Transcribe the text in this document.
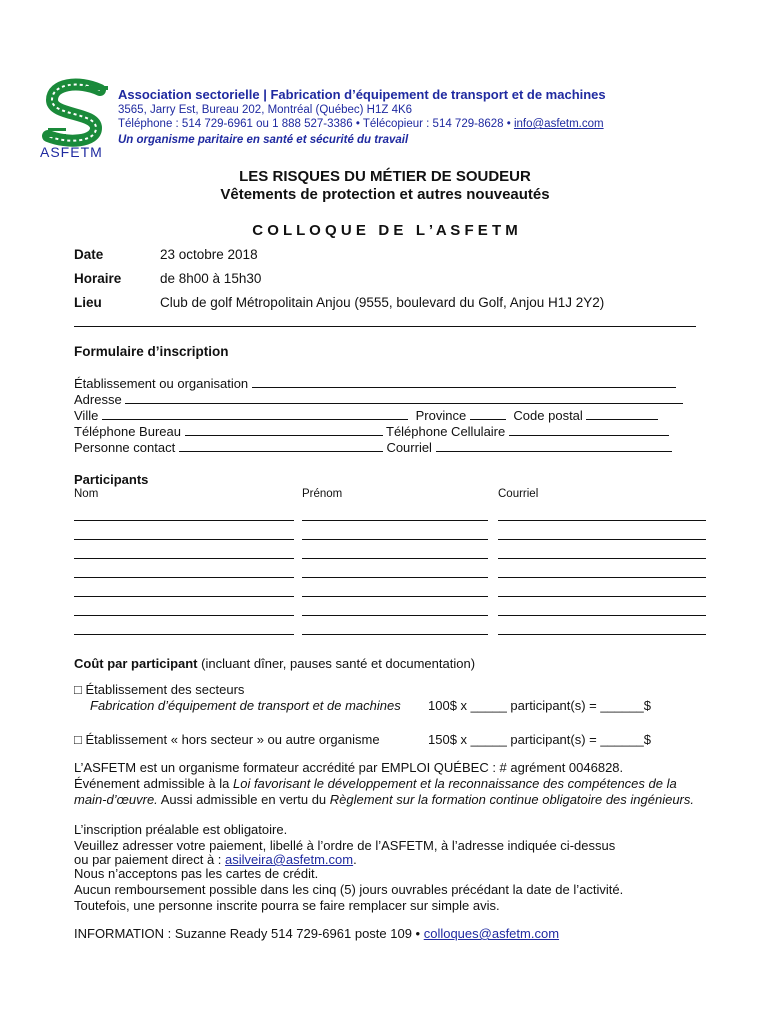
ASFETM
Association sectorielle | Fabrication d’équipement de transport et de machines
3565, Jarry Est, Bureau 202, Montréal (Québec) H1Z 4K6
Téléphone : 514 729-6961 ou 1 888 527-3386 • Télécopieur : 514 729-8628 • info@asfetm.com
Un organisme paritaire en santé et sécurité du travail
LES RISQUES DU MÉTIER DE SOUDEUR
Vêtements de protection et autres nouveautés
C O L L O Q U E   D E   L ’ A S F E T M
Date	23 octobre 2018
Horaire	de 8h00 à 15h30
Lieu	Club de golf Métropolitain Anjou (9555, boulevard du Golf, Anjou H1J 2Y2)
Formulaire d’inscription
Établissement ou organisation
Adresse
Ville	Province	Code postal
Téléphone Bureau	Téléphone Cellulaire
Personne contact	Courriel
Participants
Nom	Prénom	Courriel
Coût par participant (incluant dîner, pauses santé et documentation)
□ Établissement des secteurs
Fabrication d’équipement de transport et de machines 100$ x _____ participant(s) = ______$
□ Établissement « hors secteur » ou autre organisme	150$ x _____ participant(s) = ______$
L’ASFETM est un organisme formateur accrédité par EMPLOI QUÉBEC : # agrément 0046828.
Événement admissible à la Loi favorisant le développement et la reconnaissance des compétences de la
main-d’œuvre. Aussi admissible en vertu du Règlement sur la formation continue obligatoire des ingénieurs.
L’inscription préalable est obligatoire.
Veuillez adresser votre paiement, libellé à l’ordre de l’ASFETM, à l’adresse indiquée ci-dessus
ou par paiement direct à : asilveira@asfetm.com.
Nous n’acceptons pas les cartes de crédit.
Aucun remboursement possible dans les cinq (5) jours ouvrables précédant la date de l’activité.
Toutefois, une personne inscrite pourra se faire remplacer sur simple avis.
INFORMATION : Suzanne Ready 514 729-6961 poste 109 • colloques@asfetm.com
